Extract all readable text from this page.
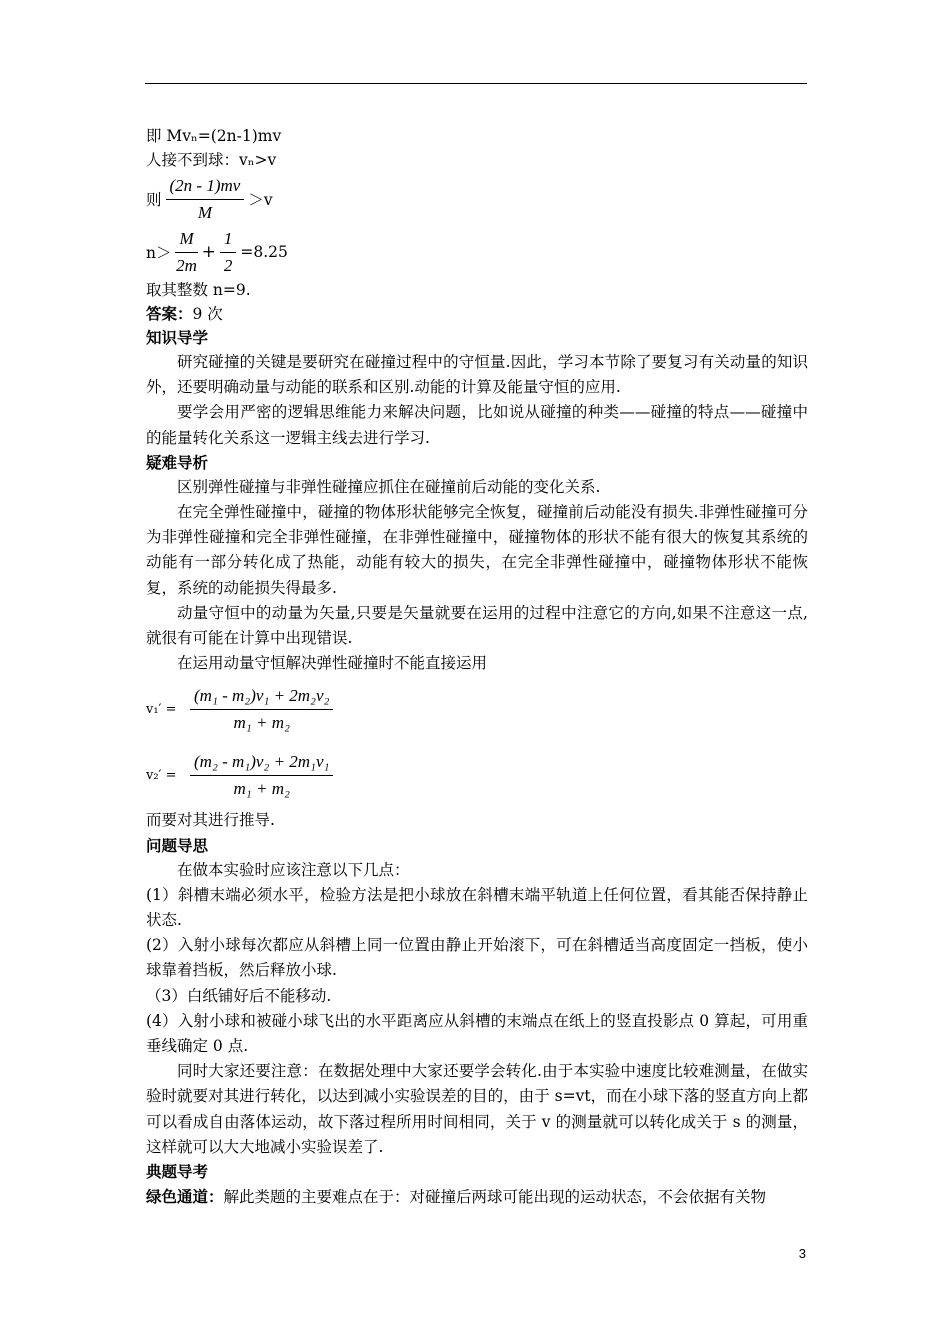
即 Mvₙ=(2n-1)mv
人接不到球：vₙ>v
则 $\frac{(2n - 1)mv}{M} >v$
$n> \frac{M}{2m} + \frac{1}{2} =8.25$
取其整数 n=9.
答案：9 次
知识导学

研究碰撞的关键是要研究在碰撞过程中的守恒量.因此，学习本节除了要复习有关动量的知识外，还要明确动量与动能的联系和区别.动能的计算及能量守恒的应用.

要学会用严密的逻辑思维能力来解决问题，比如说从碰撞的种类——碰撞的特点——碰撞中的能量转化关系这一逻辑主线去进行学习.

疑难导析

区别弹性碰撞与非弹性碰撞应抓住在碰撞前后动能的变化关系.

在完全弹性碰撞中，碰撞的物体形状能够完全恢复，碰撞前后动能没有损失.非弹性碰撞可分为非弹性碰撞和完全非弹性碰撞，在非弹性碰撞中，碰撞物体的形状不能有很大的恢复其系统的动能有一部分转化成了热能，动能有较大的损失，在完全非弹性碰撞中，碰撞物体形状不能恢复，系统的动能损失得最多.

动量守恒中的动量为矢量,只要是矢量就要在运用的过程中注意它的方向,如果不注意这一点,就很有可能在计算中出现错误.

在运用动量守恒解决弹性碰撞时不能直接运用

$v_1' = \frac{\text{(m₁ - m₂)v₁ + 2m₂v₂}}{\text{m₁ + m₂}}$
$v_2' = \frac{\text{(m₂ - m₁)v₂ + 2m₁v₁}}{\text{m₁ + m₂}}$

而要对其进行推导.

问题导思

在做本实验时应该注意以下几点：

(1）斜槽末端必须水平，检验方法是把小球放在斜槽末端平轨道上任何位置，看其能否保持静止状态.

(2）入射小球每次都应从斜槽上同一位置由静止开始滚下，可在斜槽适当高度固定一挡板，使小球靠着挡板，然后释放小球.

（3）白纸铺好后不能移动.

(4）入射小球和被碰小球飞出的水平距离应从斜槽的末端点在纸上的竖直投影点 0 算起，可用重垂线确定 0 点.

同时大家还要注意：在数据处理中大家还要学会转化.由于本实验中速度比较难测量，在做实验时就要对其进行转化，以达到减小实验误差的目的，由于 s=vt，而在小球下落的竖直方向上都可以看成自由落体运动，故下落过程所用时间相同，关于 v 的测量就可以转化成关于 s 的测量，这样就可以大大地减小实验误差了.

典题导考

绿色通道：解此类题的主要难点在于：对碰撞后两球可能出现的运动状态，不会依据有关物

3
